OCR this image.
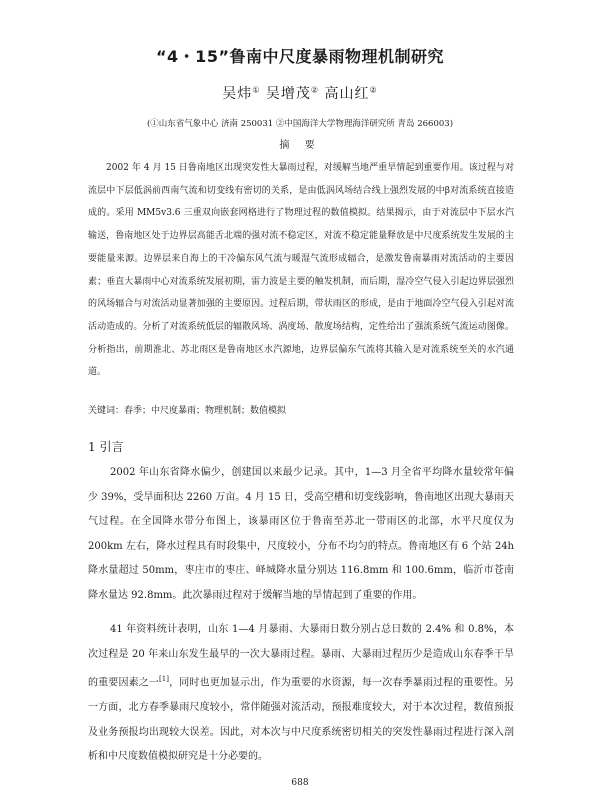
“4・15”鲁南中尺度暴雨物理机制研究
吴炜① 吴增茂② 高山红②
(①山东省气象中心 济南 250031 ②中国海洋大学物理海洋研究所 青岛 266003)
摘 要
2002 年 4 月 15 日鲁南地区出现突发性大暴雨过程，对缓解当地严重旱情起到重要作用。该过程与对流层中下层低涡前西南气流和切变线有密切的关系，是由低涡风场结合线上强烈发展的中β对流系统直接造成的。采用 MM5v3.6 三重双向嵌套网格进行了物理过程的数值模拟。结果揭示，由于对流层中下层水汽输送，鲁南地区处于边界层高能舌北端的强对流不稳定区，对流不稳定能量释放是中尺度系统发生发展的主要能量来源。边界层来自海上的干冷偏东风气流与暖湿气流形成辐合，是激发鲁南暴雨对流活动的主要因素；垂直大暴雨中心对流系统发展初期，雷力波是主要的触发机制，而后期，湿冷空气侵入引起边界层强烈的风场辐合与对流活动显著加强的主要原因。过程后期，带状雨区的形成，是由于地面冷空气侵入引起对流活动造成的。分析了对流系统低层的辐散风场、涡度场、散度场结构，定性给出了强流系统气流运动图像。分析指出，前期淮北、苏北雨区是鲁南地区水汽源地，边界层偏东气流将其输入是对流系统至关的水汽通道。
关键词：春季；中尺度暴雨；物理机制；数值模拟
1 引言
2002 年山东省降水偏少，创建国以来最少记录。其中，1—3 月全省平均降水量较常年偏少 39%，受旱面积达 2260 万亩。4 月 15 日，受高空槽和切变线影响，鲁南地区出现大暴雨天气过程。在全国降水带分布图上，该暴雨区位于鲁南至苏北一带雨区的北部，水平尺度仅为 200km 左右，降水过程具有时段集中，尺度较小，分布不均匀的特点。鲁南地区有 6 个站 24h 降水量超过 50mm，枣庄市的枣庄、峄城降水量分别达 116.8mm 和 100.6mm，临沂市苍南降水量达 92.8mm。此次暴雨过程对于缓解当地的旱情起到了重要的作用。
41 年资料统计表明，山东 1—4 月暴雨、大暴雨日数分别占总日数的 2.4% 和 0.8%，本次过程是 20 年来山东发生最早的一次大暴雨过程。暴雨、大暴雨过程历少是造成山东春季干旱的重要因素之一[1]，同时也更加显示出，作为重要的水资源，每一次春季暴雨过程的重要性。另一方面，北方春季暴雨尺度较小，常伴随强对流活动，预报难度较大，对于本次过程，数值预报及业务预报均出现较大误差。因此，对本次与中尺度系统密切相关的突发性暴雨过程进行深入剖析和中尺度数值模拟研究是十分必要的。
688
